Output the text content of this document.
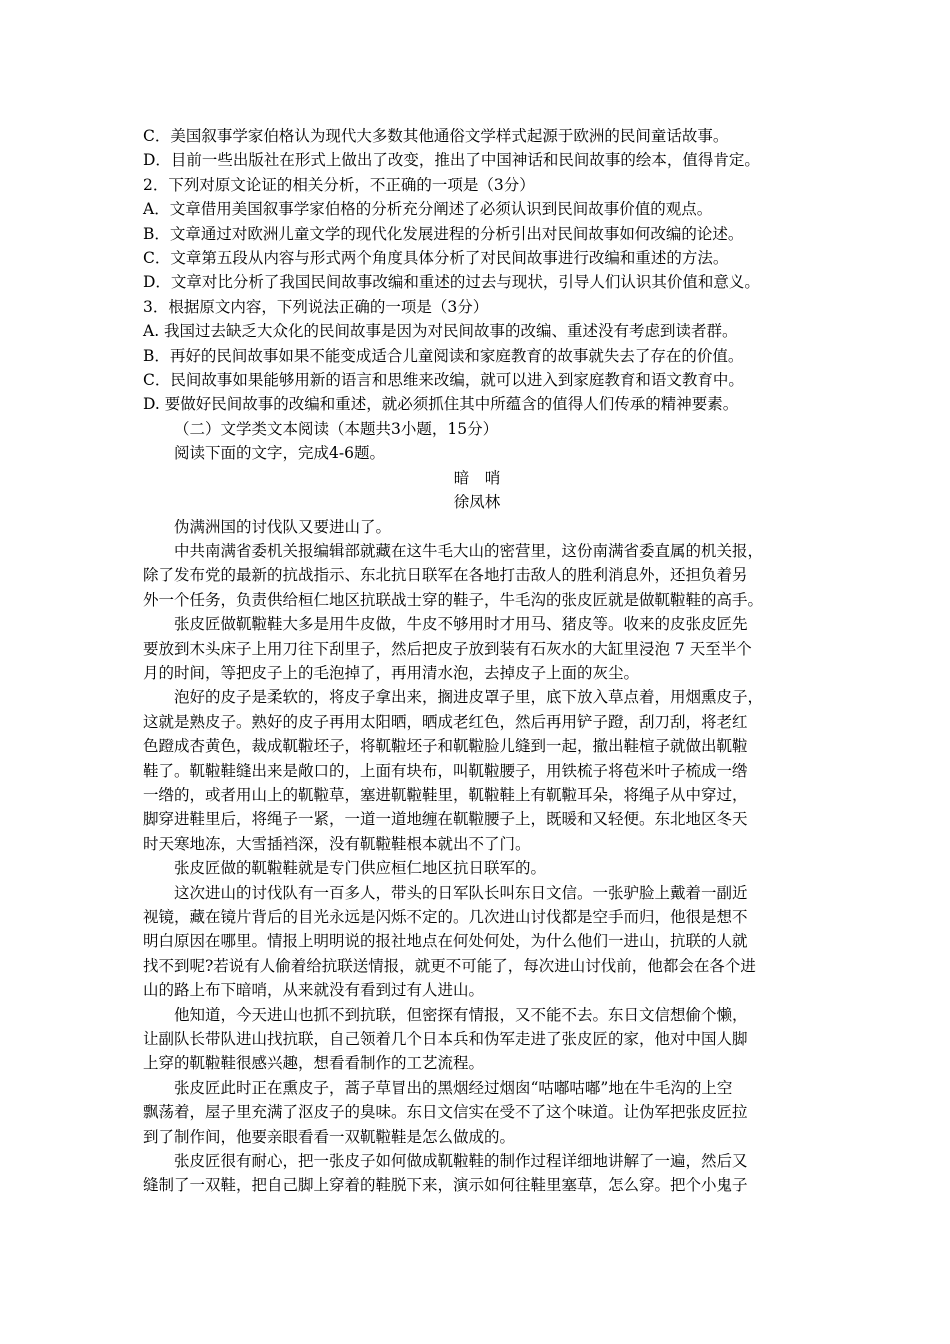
C．美国叙事学家伯格认为现代大多数其他通俗文学样式起源于欧洲的民间童话故事。

D．目前一些出版社在形式上做出了改变，推出了中国神话和民间故事的绘本，值得肯定。

2．下列对原文论证的相关分析，不正确的一项是（3分）

A．文章借用美国叙事学家伯格的分析充分阐述了必须认识到民间故事价值的观点。

B．文章通过对欧洲儿童文学的现代化发展进程的分析引出对民间故事如何改编的论述。

C．文章第五段从内容与形式两个角度具体分析了对民间故事进行改编和重述的方法。

D．文章对比分析了我国民间故事改编和重述的过去与现状，引导人们认识其价值和意义。

3．根据原文内容，下列说法正确的一项是（3分）

A. 我国过去缺乏大众化的民间故事是因为对民间故事的改编、重述没有考虑到读者群。

B．再好的民间故事如果不能变成适合儿童阅读和家庭教育的故事就失去了存在的价值。

C．民间故事如果能够用新的语言和思维来改编，就可以进入到家庭教育和语文教育中。

D. 要做好民间故事的改编和重述，就必须抓住其中所蕴含的值得人们传承的精神要素。

（二）文学类文本阅读（本题共3小题，15分）

阅读下面的文字，完成4-6题。

暗　哨

徐凤林

伪满洲国的讨伐队又要进山了。

中共南满省委机关报编辑部就藏在这牛毛大山的密营里，这份南满省委直属的机关报，
除了发布党的最新的抗战指示、东北抗日联军在各地打击敌人的胜利消息外，还担负着另
外一个任务，负责供给桓仁地区抗联战士穿的鞋子，牛毛沟的张皮匠就是做靰鞡鞋的高手。

张皮匠做靰鞡鞋大多是用牛皮做，牛皮不够用时才用马、猪皮等。收来的皮张皮匠先
要放到木头床子上用刀往下刮里子，然后把皮子放到装有石灰水的大缸里浸泡 7 天至半个
月的时间，等把皮子上的毛泡掉了，再用清水泡，去掉皮子上面的灰尘。

泡好的皮子是柔软的，将皮子拿出来，搁进皮罩子里，底下放入草点着，用烟熏皮子，
这就是熟皮子。熟好的皮子再用太阳晒，晒成老红色，然后再用铲子蹬，刮刀刮，将老红
色蹬成杏黄色，裁成靰鞡坯子，将靰鞡坯子和靰鞡脸儿缝到一起，撤出鞋楦子就做出靰鞡
鞋了。靰鞡鞋缝出来是敞口的，上面有块布，叫靰鞡腰子，用铁梳子将苞米叶子梳成一绺
一绺的，或者用山上的靰鞡草，塞进靰鞡鞋里，靰鞡鞋上有靰鞡耳朵，将绳子从中穿过，
脚穿进鞋里后，将绳子一紧，一道一道地缠在靰鞡腰子上，既暖和又轻便。东北地区冬天
时天寒地冻，大雪插裆深，没有靰鞡鞋根本就出不了门。

张皮匠做的靰鞡鞋就是专门供应桓仁地区抗日联军的。

这次进山的讨伐队有一百多人，带头的日军队长叫东日文信。一张驴脸上戴着一副近
视镜，藏在镜片背后的目光永远是闪烁不定的。几次进山讨伐都是空手而归，他很是想不
明白原因在哪里。情报上明明说的报社地点在何处何处，为什么他们一进山，抗联的人就
找不到呢?若说有人偷着给抗联送情报，就更不可能了，每次进山讨伐前，他都会在各个进
山的路上布下暗哨，从来就没有看到过有人进山。

他知道，今天进山也抓不到抗联，但密探有情报，又不能不去。东日文信想偷个懒，
让副队长带队进山找抗联，自己领着几个日本兵和伪军走进了张皮匠的家，他对中国人脚
上穿的靰鞡鞋很感兴趣，想看看制作的工艺流程。

张皮匠此时正在熏皮子，蒿子草冒出的黑烟经过烟囱“咕嘟咕嘟”地在牛毛沟的上空
飘荡着，屋子里充满了沤皮子的臭味。东日文信实在受不了这个味道。让伪军把张皮匠拉
到了制作间，他要亲眼看看一双靰鞡鞋是怎么做成的。

张皮匠很有耐心，把一张皮子如何做成靰鞡鞋的制作过程详细地讲解了一遍，然后又
缝制了一双鞋，把自己脚上穿着的鞋脱下来，演示如何往鞋里塞草，怎么穿。把个小鬼子
